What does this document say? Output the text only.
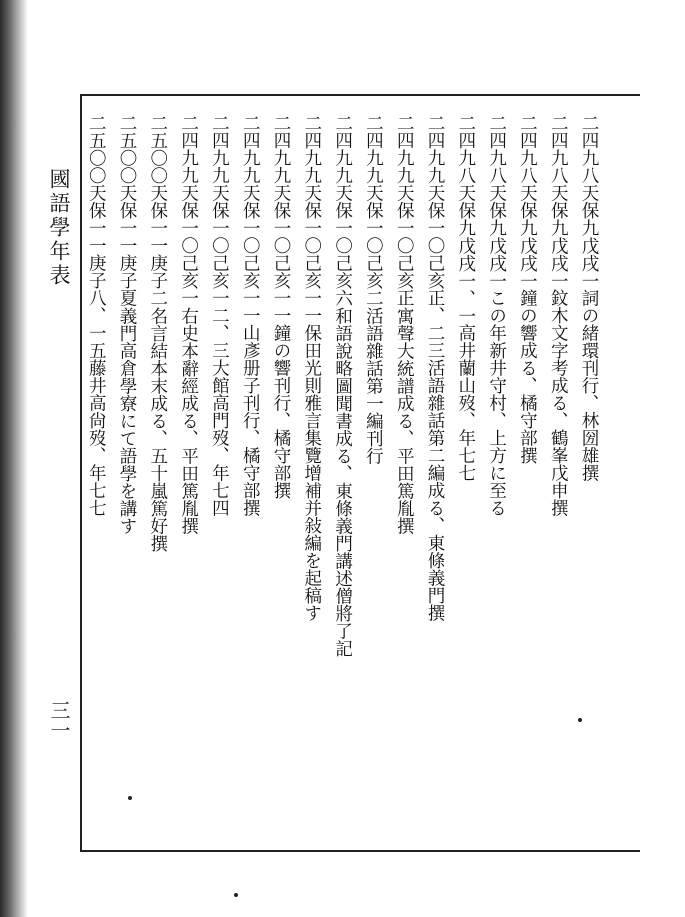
國語學年表
三一
二四九八天保九戊戌一詞の緒環刊行、林圀雄撰
二四九八天保九戊戌一鈫木文字考成る、鶴峯戊申撰
二四九八天保九戊戌一鐘の響成る、橘守部撰
二四九八天保九戊戌一この年新井守村、上方に至る
二四九八天保九戊戌一、一高井蘭山歿、年七七
二四九九天保一〇己亥正、二三活語雜話第二編成る、東條義門撰
二四九九天保一〇己亥正寓聲大統譜成る、平田篤胤撰
二四九九天保一〇己亥二活語雜話第一編刊行
二四九九天保一〇己亥六和語說略圖聞書成る、東條義門講述僧將了記
二四九九天保一〇己亥一一保田光則雅言集覽增補并敍編を起稿す
二四九九天保一〇己亥一一鐘の響刊行、橘守部撰
二四九九天保一〇己亥一一山彥册子刊行、橘守部撰
二四九九天保一〇己亥一二、三大館高門歿、年七四
二四九九天保一〇己亥一右史本辭經成る、平田篤胤撰
二五〇〇天保一一庚子二名言結本末成る、五十嵐篤好撰
二五〇〇天保一一庚子夏義門高倉學寮にて語學を講す
二五〇〇天保一一庚子八、一五藤井高尙歿、年七七
